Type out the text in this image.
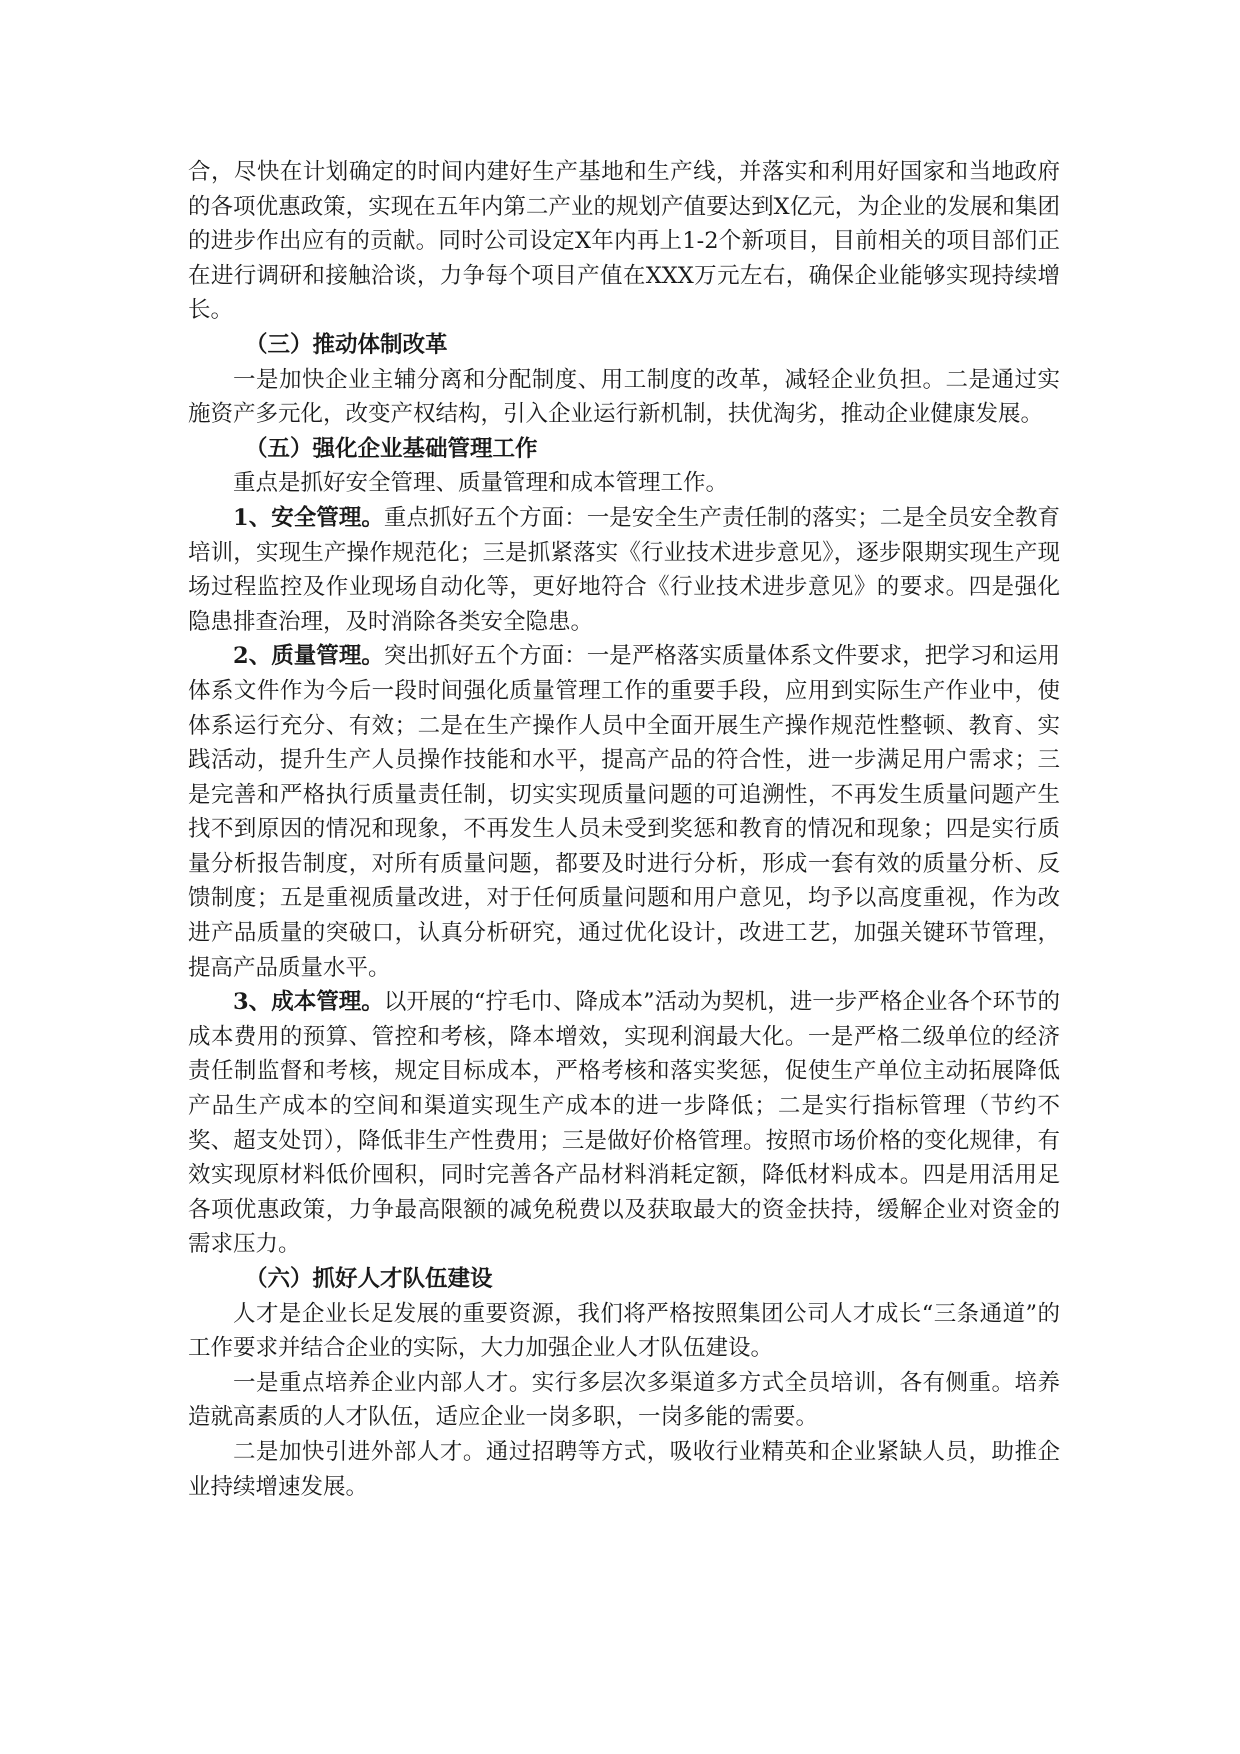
合，尽快在计划确定的时间内建好生产基地和生产线，并落实和利用好国家和当地政府的各项优惠政策，实现在五年内第二产业的规划产值要达到X亿元，为企业的发展和集团的进步作出应有的贡献。同时公司设定X年内再上1-2个新项目，目前相关的项目部们正在进行调研和接触洽谈，力争每个项目产值在XXX万元左右，确保企业能够实现持续增长。

（三）推动体制改革

一是加快企业主辅分离和分配制度、用工制度的改革，减轻企业负担。二是通过实施资产多元化，改变产权结构，引入企业运行新机制，扶优淘劣，推动企业健康发展。

（五）强化企业基础管理工作

重点是抓好安全管理、质量管理和成本管理工作。

1、安全管理。重点抓好五个方面：一是安全生产责任制的落实；二是全员安全教育培训，实现生产操作规范化；三是抓紧落实《行业技术进步意见》，逐步限期实现生产现场过程监控及作业现场自动化等，更好地符合《行业技术进步意见》的要求。四是强化隐患排查治理，及时消除各类安全隐患。

2、质量管理。突出抓好五个方面：一是严格落实质量体系文件要求，把学习和运用体系文件作为今后一段时间强化质量管理工作的重要手段，应用到实际生产作业中，使体系运行充分、有效；二是在生产操作人员中全面开展生产操作规范性整顿、教育、实践活动，提升生产人员操作技能和水平，提高产品的符合性，进一步满足用户需求；三是完善和严格执行质量责任制，切实实现质量问题的可追溯性，不再发生质量问题产生找不到原因的情况和现象，不再发生人员未受到奖惩和教育的情况和现象；四是实行质量分析报告制度，对所有质量问题，都要及时进行分析，形成一套有效的质量分析、反馈制度；五是重视质量改进，对于任何质量问题和用户意见，均予以高度重视，作为改进产品质量的突破口，认真分析研究，通过优化设计，改进工艺，加强关键环节管理，提高产品质量水平。

3、成本管理。以开展的“拧毛巾、降成本”活动为契机，进一步严格企业各个环节的成本费用的预算、管控和考核，降本增效，实现利润最大化。一是严格二级单位的经济责任制监督和考核，规定目标成本，严格考核和落实奖惩，促使生产单位主动拓展降低产品生产成本的空间和渠道实现生产成本的进一步降低；二是实行指标管理（节约不奖、超支处罚），降低非生产性费用；三是做好价格管理。按照市场价格的变化规律，有效实现原材料低价囤积，同时完善各产品材料消耗定额，降低材料成本。四是用活用足各项优惠政策，力争最高限额的减免税费以及获取最大的资金扶持，缓解企业对资金的需求压力。

（六）抓好人才队伍建设

人才是企业长足发展的重要资源，我们将严格按照集团公司人才成长“三条通道”的工作要求并结合企业的实际，大力加强企业人才队伍建设。

一是重点培养企业内部人才。实行多层次多渠道多方式全员培训，各有侧重。培养造就高素质的人才队伍，适应企业一岗多职，一岗多能的需要。

二是加快引进外部人才。通过招聘等方式，吸收行业精英和企业紧缺人员，助推企业持续增速发展。
